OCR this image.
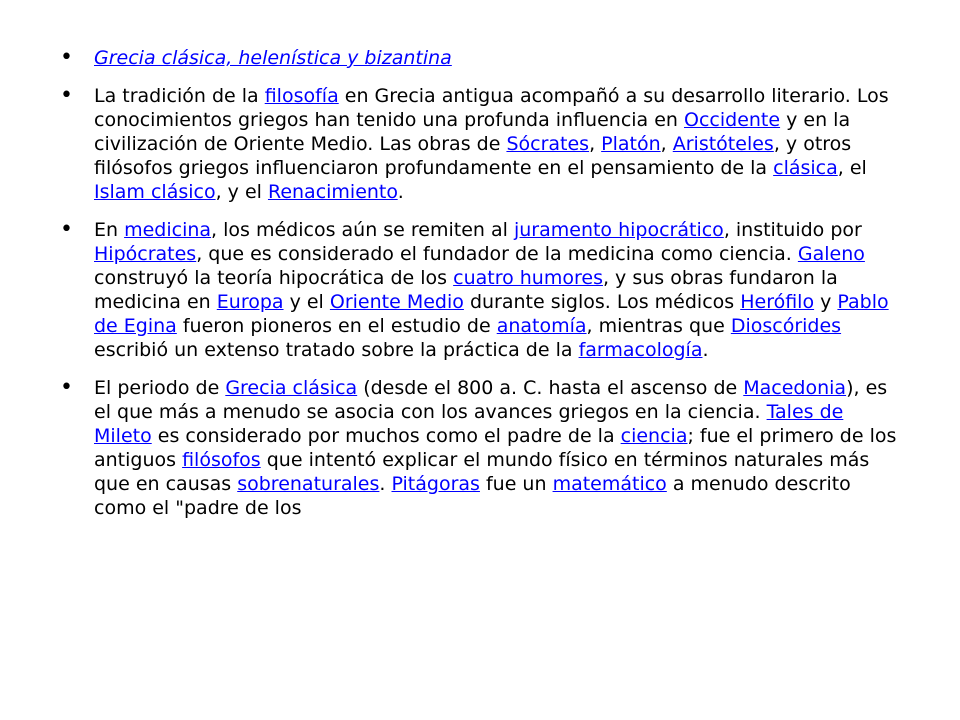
• Grecia clásica, helenística y bizantina
• La tradición de la filosofía en Grecia antigua acompañó a su desarrollo literario. Los conocimientos griegos han tenido una profunda influencia en Occidente y en la civilización de Oriente Medio. Las obras de Sócrates, Platón, Aristóteles, y otros filósofos griegos influenciaron profundamente en el pensamiento de la clásica, el Islam clásico, y el Renacimiento.
• En medicina, los médicos aún se remiten al juramento hipocrático, instituido por Hipócrates, que es considerado el fundador de la medicina como ciencia. Galeno construyó la teoría hipocrática de los cuatro humores, y sus obras fundaron la medicina en Europa y el Oriente Medio durante siglos. Los médicos Herófilo y Pablo de Egina fueron pioneros en el estudio de anatomía, mientras que Dioscórides escribió un extenso tratado sobre la práctica de la farmacología.
• El periodo de Grecia clásica (desde el 800 a. C. hasta el ascenso de Macedonia), es el que más a menudo se asocia con los avances griegos en la ciencia. Tales de Mileto es considerado por muchos como el padre de la ciencia; fue el primero de los antiguos filósofos que intentó explicar el mundo físico en términos naturales más que en causas sobrenaturales. Pitágoras fue un matemático a menudo descrito como el "padre de los
